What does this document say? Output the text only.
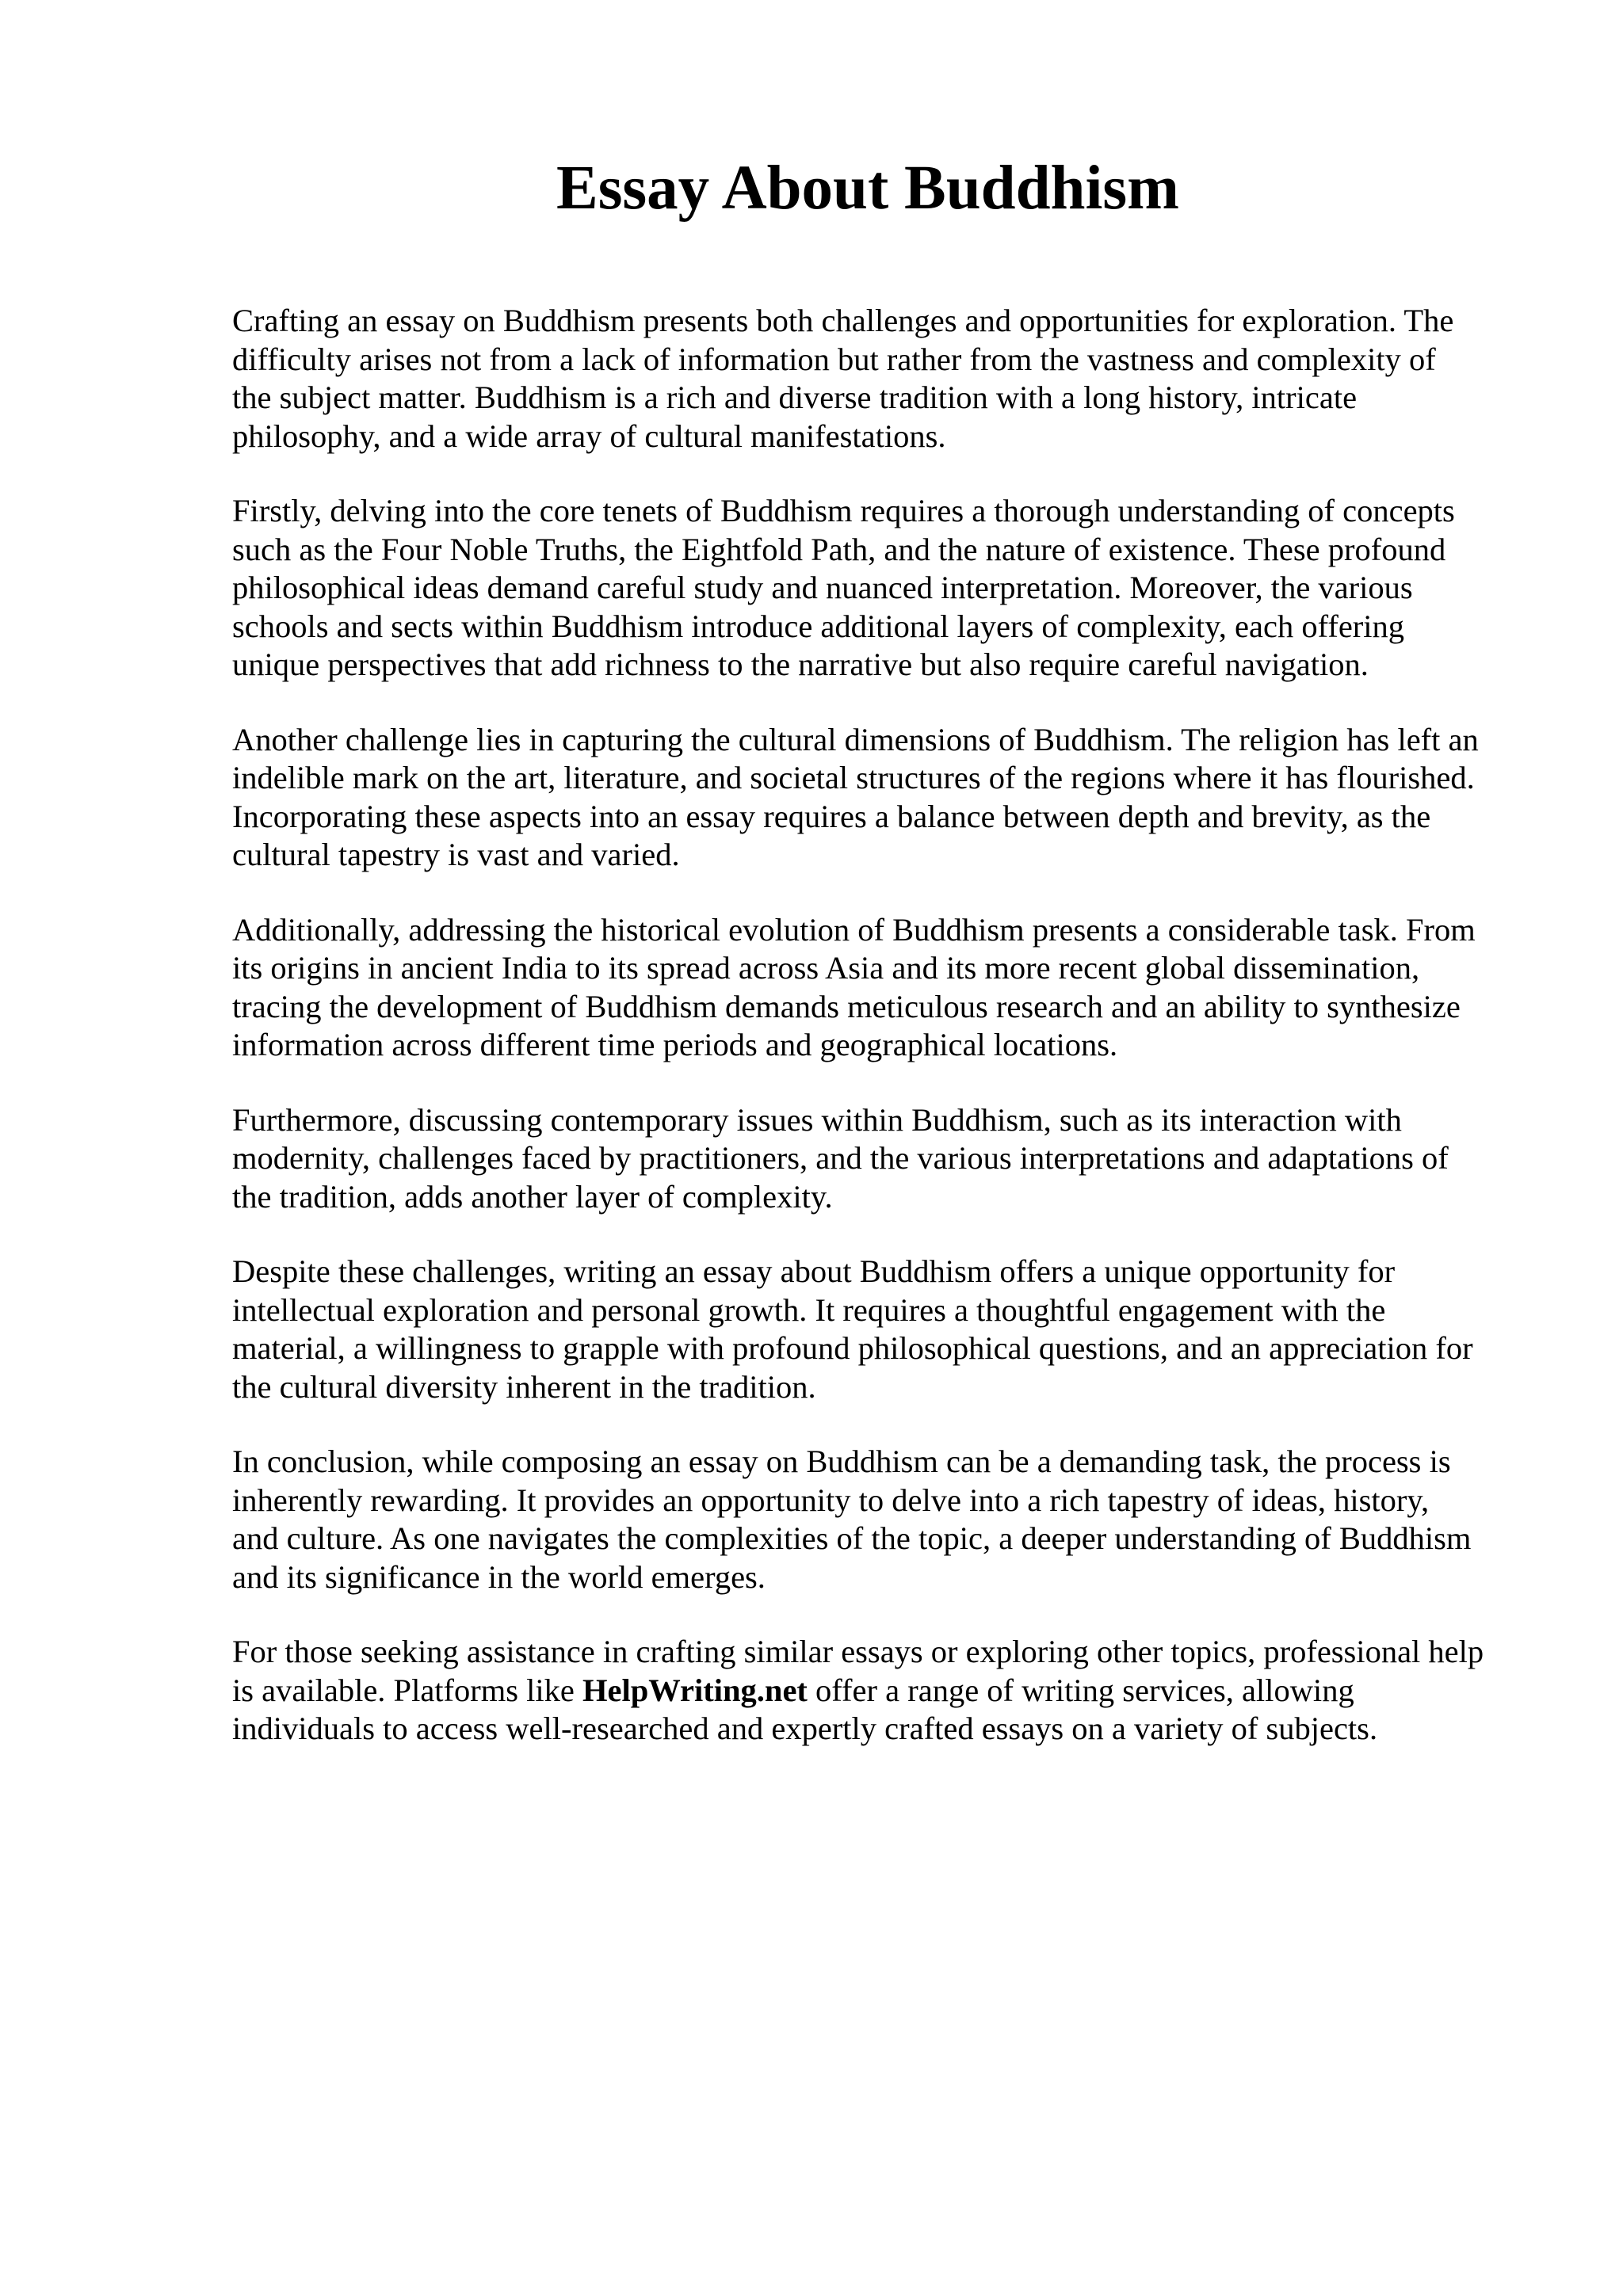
Essay About Buddhism
Crafting an essay on Buddhism presents both challenges and opportunities for exploration. The
difficulty arises not from a lack of information but rather from the vastness and complexity of
the subject matter. Buddhism is a rich and diverse tradition with a long history, intricate
philosophy, and a wide array of cultural manifestations.
Firstly, delving into the core tenets of Buddhism requires a thorough understanding of concepts
such as the Four Noble Truths, the Eightfold Path, and the nature of existence. These profound
philosophical ideas demand careful study and nuanced interpretation. Moreover, the various
schools and sects within Buddhism introduce additional layers of complexity, each offering
unique perspectives that add richness to the narrative but also require careful navigation.
Another challenge lies in capturing the cultural dimensions of Buddhism. The religion has left an
indelible mark on the art, literature, and societal structures of the regions where it has flourished.
Incorporating these aspects into an essay requires a balance between depth and brevity, as the
cultural tapestry is vast and varied.
Additionally, addressing the historical evolution of Buddhism presents a considerable task. From
its origins in ancient India to its spread across Asia and its more recent global dissemination,
tracing the development of Buddhism demands meticulous research and an ability to synthesize
information across different time periods and geographical locations.
Furthermore, discussing contemporary issues within Buddhism, such as its interaction with
modernity, challenges faced by practitioners, and the various interpretations and adaptations of
the tradition, adds another layer of complexity.
Despite these challenges, writing an essay about Buddhism offers a unique opportunity for
intellectual exploration and personal growth. It requires a thoughtful engagement with the
material, a willingness to grapple with profound philosophical questions, and an appreciation for
the cultural diversity inherent in the tradition.
In conclusion, while composing an essay on Buddhism can be a demanding task, the process is
inherently rewarding. It provides an opportunity to delve into a rich tapestry of ideas, history,
and culture. As one navigates the complexities of the topic, a deeper understanding of Buddhism
and its significance in the world emerges.
For those seeking assistance in crafting similar essays or exploring other topics, professional help
is available. Platforms like HelpWriting.net offer a range of writing services, allowing
individuals to access well-researched and expertly crafted essays on a variety of subjects.
